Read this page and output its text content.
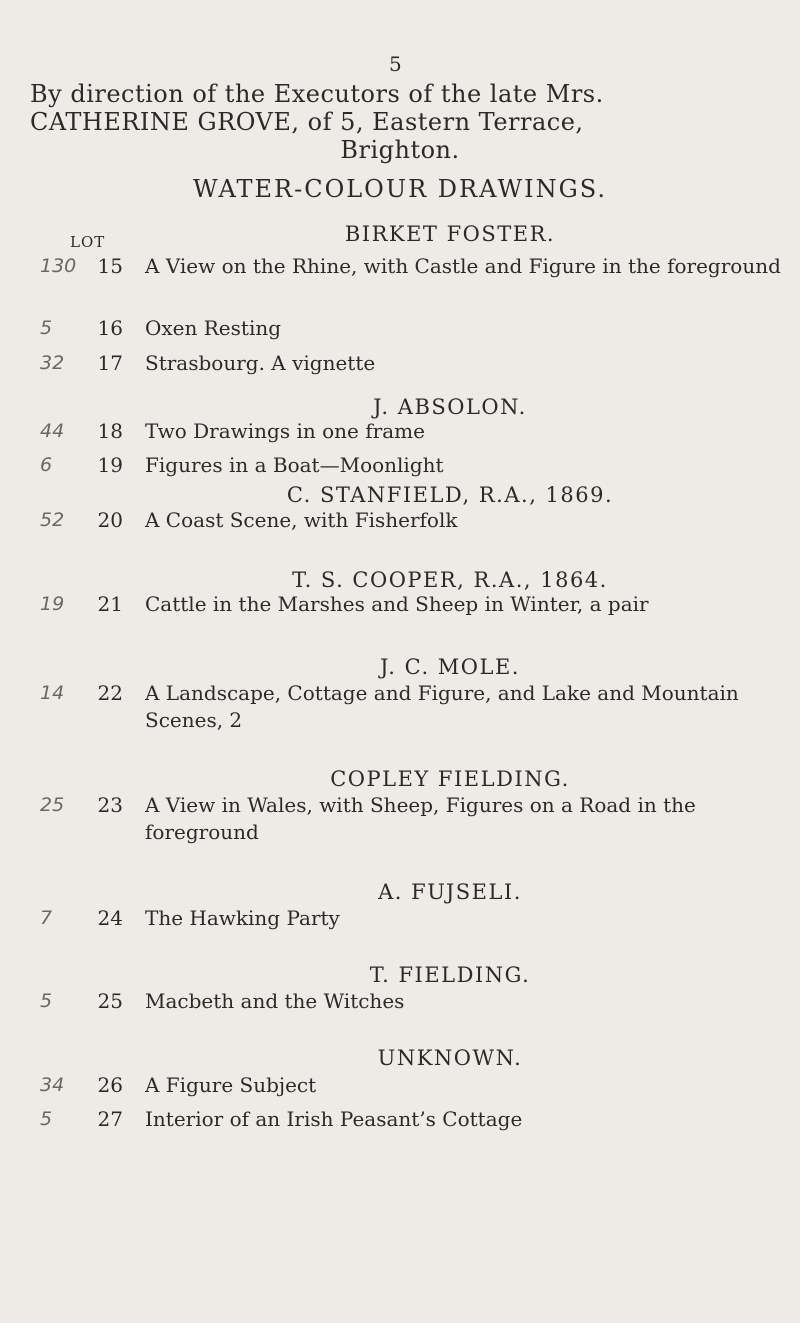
5
By direction of the Executors of the late Mrs.
CATHERINE GROVE, of 5, Eastern Terrace,
Brighton.
WATER-COLOUR DRAWINGS.
LOT	BIRKET FOSTER.
J. ABSOLON.
C. STANFIELD, R.A., 1869.
T. S. COOPER, R.A., 1864.
J. C. MOLE.
COPLEY FIELDING.
A. FUJSELI.
T. FIELDING.
UNKNOWN.
130	15 A View on the Rhine, with Castle and Figure in the foreground
5	16 Oxen Resting
32	17 Strasbourg. A vignette
44	18 Two Drawings in one frame
6	19 Figures in a Boat—Moonlight
52	20 A Coast Scene, with Fisherfolk
19	21 Cattle in the Marshes and Sheep in Winter, a pair
14	22 A Landscape, Cottage and Figure, and Lake and Mountain Scenes, 2
25	23 A View in Wales, with Sheep, Figures on a Road in the foreground
7	24 The Hawking Party
5	25 Macbeth and the Witches
34	26 A Figure Subject
5	27 Interior of an Irish Peasant’s Cottage
